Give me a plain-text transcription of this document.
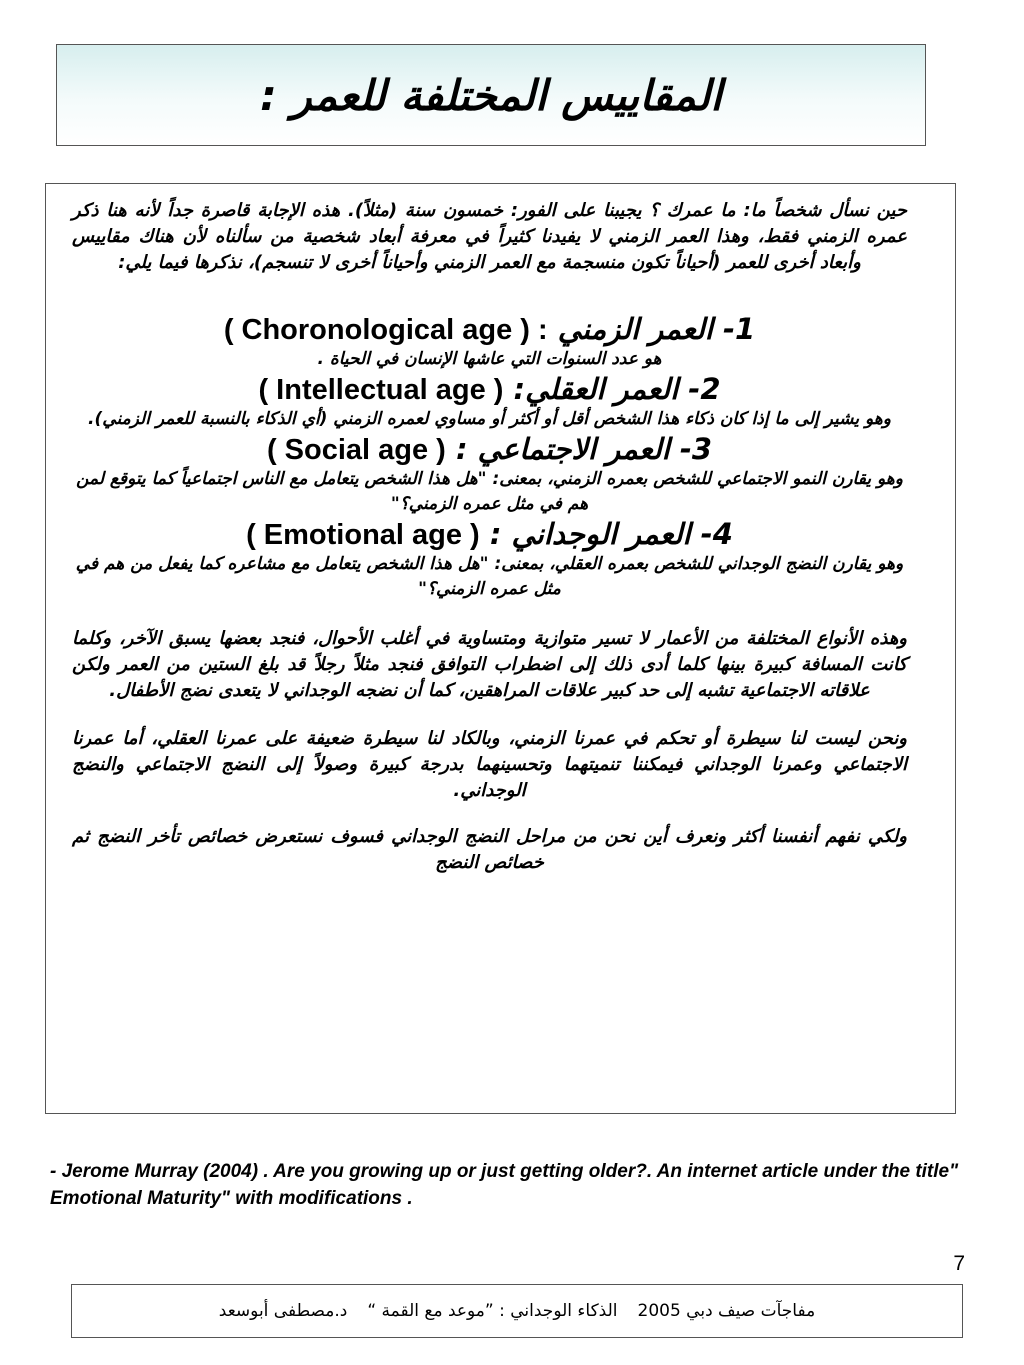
المقاييس المختلفة للعمر :

حين نسأل شخصاً ما: ما عمرك ؟ يجيبنا على الفور: خمسون سنة (مثلاً). هذه الإجابة قاصرة جداً لأنه هنا ذكر عمره الزمني فقط، وهذا العمر الزمني لا يفيدنا كثيراً في معرفة أبعاد شخصية من سألناه لأن هناك مقاييس وأبعاد أخرى للعمر (أحياناً تكون منسجمة مع العمر الزمني وأحياناً أخرى لا تنسجم)، نذكرها فيما يلي:

1- العمر الزمني ( Choronological age ) :

هو عدد السنوات التي عاشها الإنسان في الحياة .

2- العمر العقلي: ( Intellectual age )

وهو يشير إلى ما إذا كان ذكاء هذا الشخص أقل أو أكثر أو مساوي لعمره الزمني (أي الذكاء بالنسبة للعمر الزمني).

3- العمر الاجتماعي : ( Social age )

وهو يقارن النمو الاجتماعي للشخص بعمره الزمني، بمعنى: "هل هذا الشخص يتعامل مع الناس اجتماعياً كما يتوقع لمن هم في مثل عمره الزمني؟"

4- العمر الوجداني : ( Emotional age )

وهو يقارن النضج الوجداني للشخص بعمره العقلي، بمعنى: "هل هذا الشخص يتعامل مع مشاعره كما يفعل من هم في مثل عمره الزمني؟"

وهذه الأنواع المختلفة من الأعمار لا تسير متوازية ومتساوية في أغلب الأحوال، فنجد بعضها يسبق الآخر، وكلما كانت المسافة كبيرة بينها كلما أدى ذلك إلى اضطراب التوافق فنجد مثلاً رجلاً قد بلغ الستين من العمر ولكن علاقاته الاجتماعية تشبه إلى حد كبير علاقات المراهقين، كما أن نضجه الوجداني لا يتعدى نضج الأطفال.

ونحن ليست لنا سيطرة أو تحكم في عمرنا الزمني، وبالكاد لنا سيطرة ضعيفة على عمرنا العقلي، أما عمرنا الاجتماعي وعمرنا الوجداني فيمكننا تنميتهما وتحسينهما بدرجة كبيرة وصولاً إلى النضج الاجتماعي والنضج الوجداني.

ولكي نفهم أنفسنا أكثر ونعرف أين نحن من مراحل النضج الوجداني فسوف نستعرض خصائص تأخر النضج ثم خصائص النضج

- Jerome Murray (2004) . Are you growing up or just getting older?. An internet article under the title" Emotional Maturity" with modifications .
7
مفاجآت صيف دبي 2005
الذكاء الوجداني : ”موعد مع القمة “
د.مصطفى أبوسعد
